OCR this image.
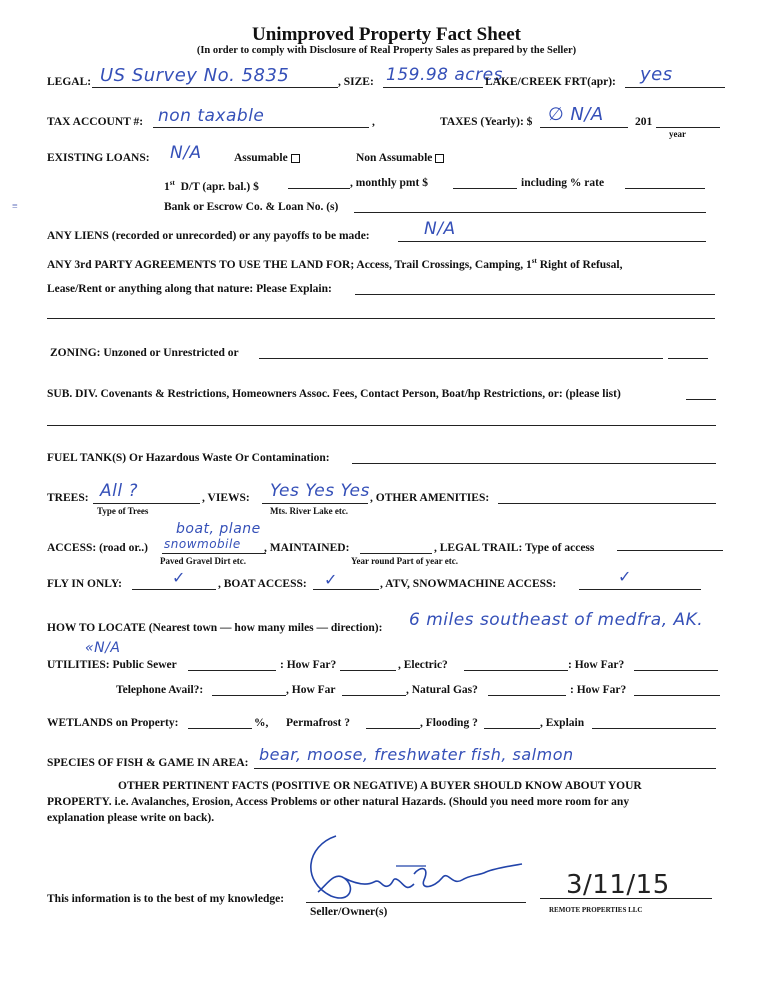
Unimproved Property Fact Sheet
(In order to comply with Disclosure of Real Property Sales as prepared by the Seller)
LEGAL: US Survey No. 5835	, SIZE: 159.98 acres
LAKE/CREEK FRT(apr): yes
TAX ACCOUNT #: non taxable	,	TAXES (Yearly): $ ∅ N/A	201
year
EXISTING LOANS: N/A	Assumable	Non Assumable
1st D/T (apr. bal.) $	, monthly pmt $	including % rate
Bank or Escrow Co. & Loan No. (s)
≡
ANY LIENS (recorded or unrecorded) or any payoffs to be made:	N/A
ANY 3rd PARTY AGREEMENTS TO USE THE LAND FOR; Access, Trail Crossings, Camping, 1st Right of Refusal,
Lease/Rent or anything along that nature: Please Explain:
ZONING: Unzoned or Unrestricted or
SUB. DIV. Covenants & Restrictions, Homeowners Assoc. Fees, Contact Person, Boat/hp Restrictions, or: (please list)
FUEL TANK(S) Or Hazardous Waste Or Contamination:
TREES: All ?
Type of Trees
, VIEWS: Yes Yes Yes
Mts. River Lake etc.
, OTHER AMENITIES:
ACCESS: (road or..)
boat, plane
snowmobile
Paved Gravel Dirt etc.
, MAINTAINED:
Year round Part of year etc.
, LEGAL TRAIL: Type of access
FLY IN ONLY:	✓	, BOAT ACCESS: ✓	, ATV, SNOWMACHINE ACCESS:	✓
HOW TO LOCATE (Nearest town — how many miles — direction): 6 miles southeast of medfra, AK.
«N/A
UTILITIES: Public Sewer	: How Far?	, Electric?	: How Far?
Telephone Avail?:	, How Far	, Natural Gas?	: How Far?
WETLANDS on Property:	%, Permafrost ?	, Flooding ?	, Explain
SPECIES OF FISH & GAME IN AREA: bear, moose, freshwater fish, salmon
OTHER PERTINENT FACTS (POSITIVE OR NEGATIVE) A BUYER SHOULD KNOW ABOUT YOUR
PROPERTY. i.e. Avalanches, Erosion, Access Problems or other natural Hazards. (Should you need more room for any
explanation please write on back).
This information is to the best of my knowledge:
Seller/Owner(s)
3/11/15
REMOTE PROPERTIES LLC
